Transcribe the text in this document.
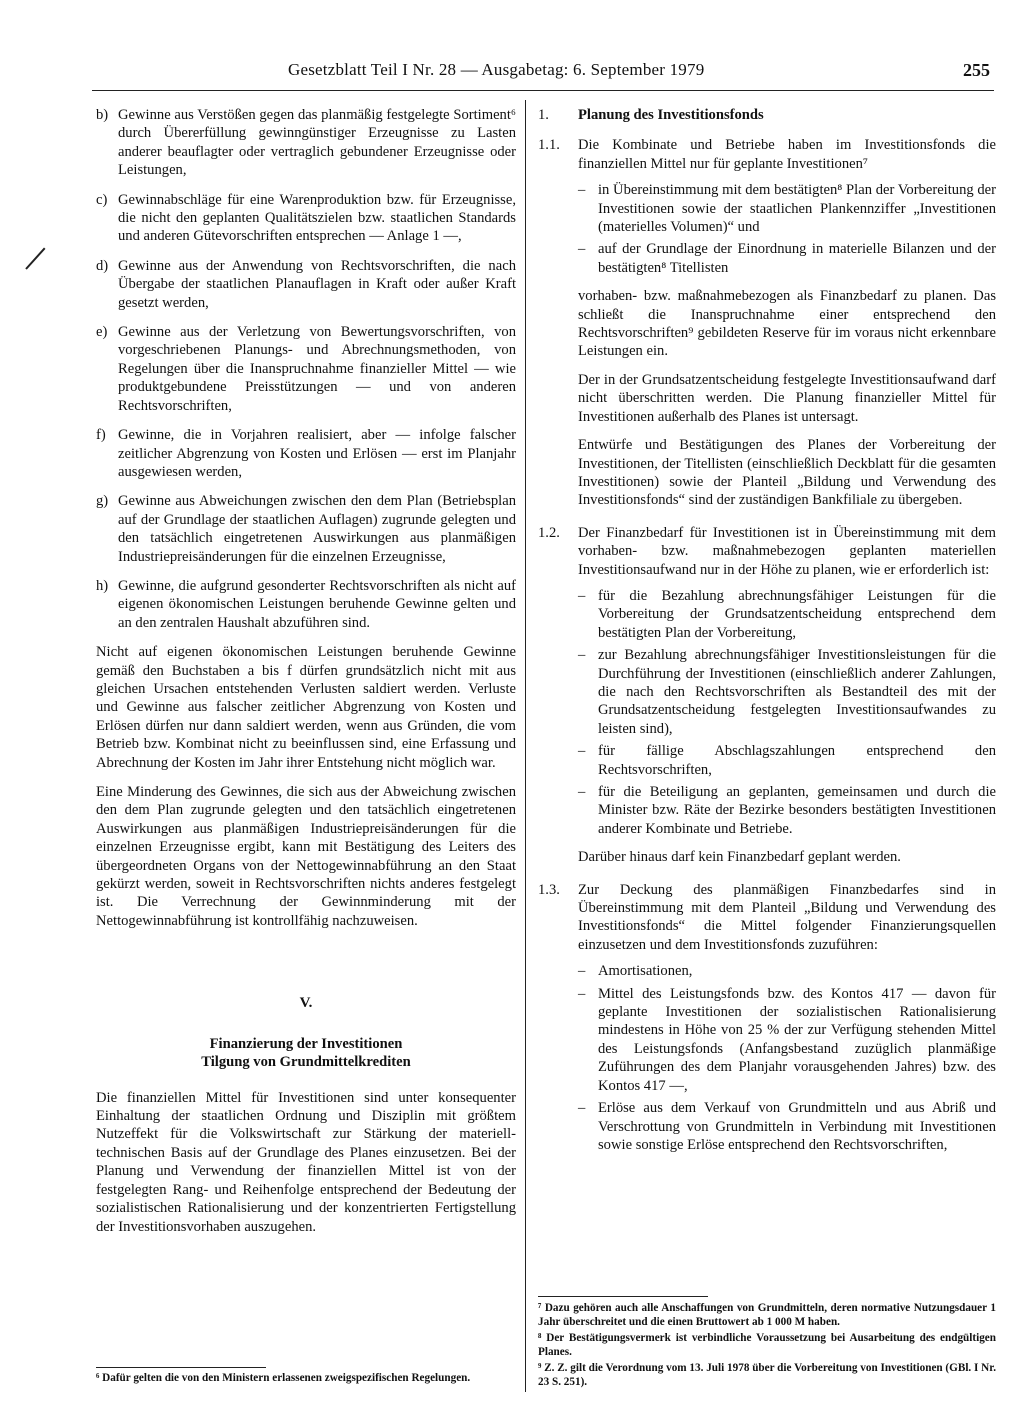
Gesetzblatt Teil I Nr. 28 — Ausgabetag: 6. September 1979	255
b) Gewinne aus Verstößen gegen das planmäßig festgelegte Sortiment⁶ durch Übererfüllung gewinngünstiger Erzeugnisse zu Lasten anderer beauflagter oder vertraglich gebundener Erzeugnisse oder Leistungen,
c) Gewinnabschläge für eine Warenproduktion bzw. für Erzeugnisse, die nicht den geplanten Qualitätszielen bzw. staatlichen Standards und anderen Gütevorschriften entsprechen — Anlage 1 —,
d) Gewinne aus der Anwendung von Rechtsvorschriften, die nach Übergabe der staatlichen Planauflagen in Kraft oder außer Kraft gesetzt werden,
e) Gewinne aus der Verletzung von Bewertungsvorschriften, von vorgeschriebenen Planungs- und Abrechnungsmethoden, von Regelungen über die Inanspruchnahme finanzieller Mittel — wie produktgebundene Preisstützungen — und von anderen Rechtsvorschriften,
f) Gewinne, die in Vorjahren realisiert, aber — infolge falscher zeitlicher Abgrenzung von Kosten und Erlösen — erst im Planjahr ausgewiesen werden,
g) Gewinne aus Abweichungen zwischen den dem Plan (Betriebsplan auf der Grundlage der staatlichen Auflagen) zugrunde gelegten und den tatsächlich eingetretenen Auswirkungen aus planmäßigen Industriepreisänderungen für die einzelnen Erzeugnisse,
h) Gewinne, die aufgrund gesonderter Rechtsvorschriften als nicht auf eigenen ökonomischen Leistungen beruhende Gewinne gelten und an den zentralen Haushalt abzuführen sind.
Nicht auf eigenen ökonomischen Leistungen beruhende Gewinne gemäß den Buchstaben a bis f dürfen grundsätzlich nicht mit aus gleichen Ursachen entstehenden Verlusten saldiert werden. Verluste und Gewinne aus falscher zeitlicher Abgrenzung von Kosten und Erlösen dürfen nur dann saldiert werden, wenn aus Gründen, die vom Betrieb bzw. Kombinat nicht zu beeinflussen sind, eine Erfassung und Abrechnung der Kosten im Jahr ihrer Entstehung nicht möglich war.
Eine Minderung des Gewinnes, die sich aus der Abweichung zwischen den dem Plan zugrunde gelegten und den tatsächlich eingetretenen Auswirkungen aus planmäßigen Industriepreisänderungen für die einzelnen Erzeugnisse ergibt, kann mit Bestätigung des Leiters des übergeordneten Organs von der Nettogewinnabführung an den Staat gekürzt werden, soweit in Rechtsvorschriften nichts anderes festgelegt ist. Die Verrechnung der Gewinnminderung mit der Nettogewinnabführung ist kontrollfähig nachzuweisen.
V.
Finanzierung der Investitionen
Tilgung von Grundmittelkrediten
Die finanziellen Mittel für Investitionen sind unter konsequenter Einhaltung der staatlichen Ordnung und Disziplin mit größtem Nutzeffekt für die Volkswirtschaft zur Stärkung der materiell-technischen Basis auf der Grundlage des Planes einzusetzen. Bei der Planung und Verwendung der finanziellen Mittel ist von der festgelegten Rang- und Reihenfolge entsprechend der Bedeutung der sozialistischen Rationalisierung und der konzentrierten Fertigstellung der Investitionsvorhaben auszugehen.
⁶ Dafür gelten die von den Ministern erlassenen zweigspezifischen Regelungen.
1. Planung des Investitionsfonds
1.1. Die Kombinate und Betriebe haben im Investitionsfonds die finanziellen Mittel nur für geplante Investitionen⁷
– in Übereinstimmung mit dem bestätigten⁸ Plan der Vorbereitung der Investitionen sowie der staatlichen Plankennziffer „Investitionen (materielles Volumen)“ und
– auf der Grundlage der Einordnung in materielle Bilanzen und der bestätigten⁸ Titellisten
vorhaben- bzw. maßnahmebezogen als Finanzbedarf zu planen. Das schließt die Inanspruchnahme einer entsprechend den Rechtsvorschriften⁹ gebildeten Reserve für im voraus nicht erkennbare Leistungen ein.
Der in der Grundsatzentscheidung festgelegte Investitionsaufwand darf nicht überschritten werden. Die Planung finanzieller Mittel für Investitionen außerhalb des Planes ist untersagt.
Entwürfe und Bestätigungen des Planes der Vorbereitung der Investitionen, der Titellisten (einschließlich Deckblatt für die gesamten Investitionen) sowie der Planteil „Bildung und Verwendung des Investitionsfonds“ sind der zuständigen Bankfiliale zu übergeben.
1.2. Der Finanzbedarf für Investitionen ist in Übereinstimmung mit dem vorhaben- bzw. maßnahmebezogen geplanten materiellen Investitionsaufwand nur in der Höhe zu planen, wie er erforderlich ist:
– für die Bezahlung abrechnungsfähiger Leistungen für die Vorbereitung der Grundsatzentscheidung entsprechend dem bestätigten Plan der Vorbereitung,
– zur Bezahlung abrechnungsfähiger Investitionsleistungen für die Durchführung der Investitionen (einschließlich anderer Zahlungen, die nach den Rechtsvorschriften als Bestandteil des mit der Grundsatzentscheidung festgelegten Investitionsaufwandes zu leisten sind),
– für fällige Abschlagszahlungen entsprechend den Rechtsvorschriften,
– für die Beteiligung an geplanten, gemeinsamen und durch die Minister bzw. Räte der Bezirke besonders bestätigten Investitionen anderer Kombinate und Betriebe.
Darüber hinaus darf kein Finanzbedarf geplant werden.
1.3. Zur Deckung des planmäßigen Finanzbedarfes sind in Übereinstimmung mit dem Planteil „Bildung und Verwendung des Investitionsfonds“ die Mittel folgender Finanzierungsquellen einzusetzen und dem Investitionsfonds zuzuführen:
– Amortisationen,
– Mittel des Leistungsfonds bzw. des Kontos 417 — davon für geplante Investitionen der sozialistischen Rationalisierung mindestens in Höhe von 25 % der zur Verfügung stehenden Mittel des Leistungsfonds (Anfangsbestand zuzüglich planmäßige Zuführungen des dem Planjahr vorausgehenden Jahres) bzw. des Kontos 417 —,
– Erlöse aus dem Verkauf von Grundmitteln und aus Abriß und Verschrottung von Grundmitteln in Verbindung mit Investitionen sowie sonstige Erlöse entsprechend den Rechtsvorschriften,
⁷ Dazu gehören auch alle Anschaffungen von Grundmitteln, deren normative Nutzungsdauer 1 Jahr überschreitet und die einen Bruttowert ab 1 000 M haben.
⁸ Der Bestätigungsvermerk ist verbindliche Voraussetzung bei Ausarbeitung des endgültigen Planes.
⁹ Z. Z. gilt die Verordnung vom 13. Juli 1978 über die Vorbereitung von Investitionen (GBl. I Nr. 23 S. 251).
